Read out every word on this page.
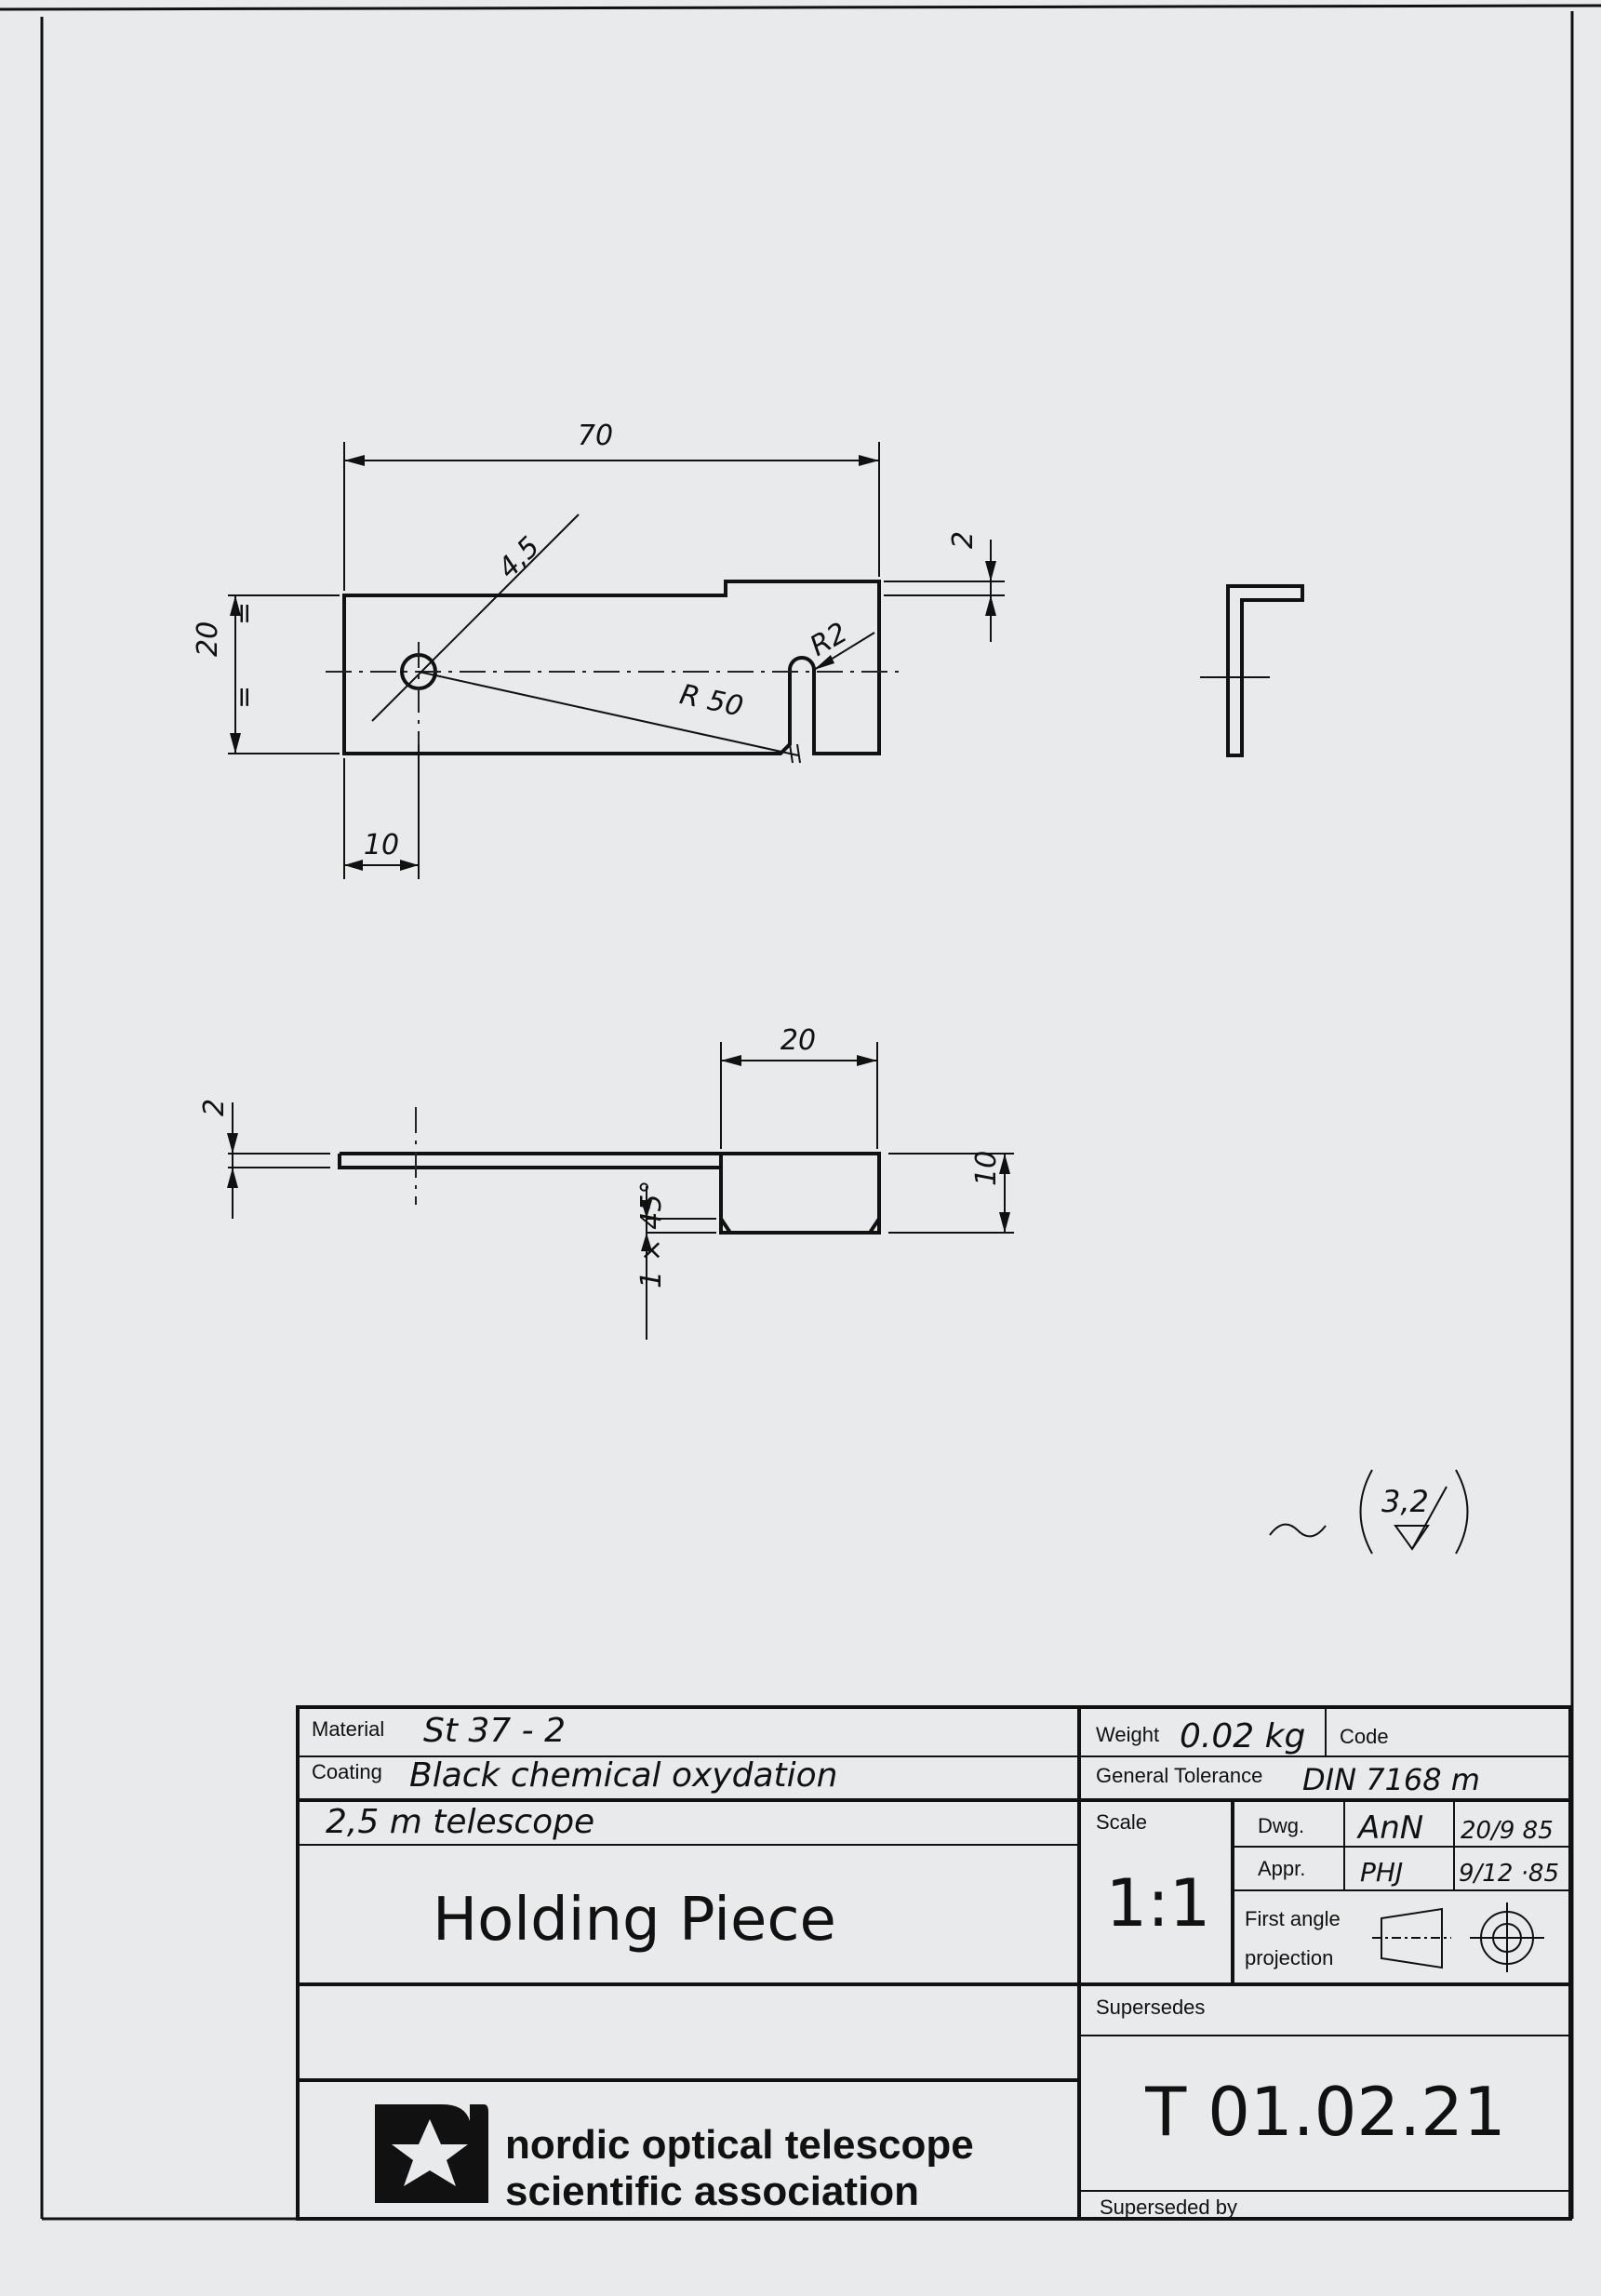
70
4,5
R2
R 50
20
=
=
10
2
20
2
10
1 × 45°
3,2
Material St 37 - 2
Coating Black chemical oxydation
2,5 m telescope
Holding Piece
Weight 0.02 kg Code
General Tolerance DIN 7168 m
Scale
1:1
Dwg. AnN 20/9 85
Appr. PHJ 9/12 ·85
First angle
projection
Supersedes
T 01.02.21
Superseded by
nordic optical telescope
scientific association
